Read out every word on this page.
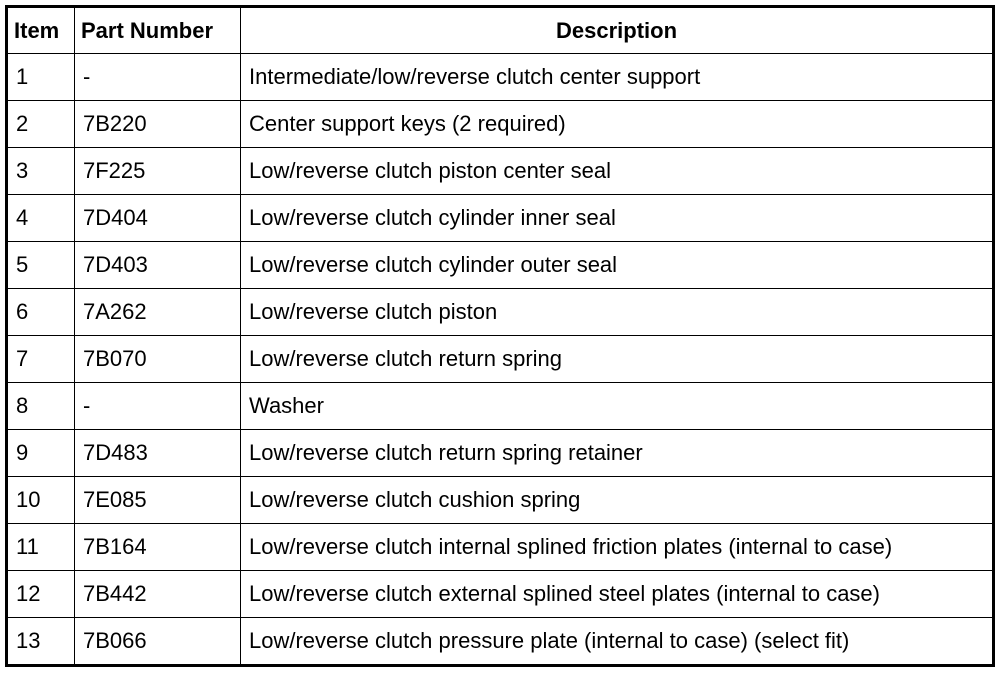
Item	Part Number	Description
1	-	Intermediate/low/reverse clutch center support
2	7B220	Center support keys (2 required)
3	7F225	Low/reverse clutch piston center seal
4	7D404	Low/reverse clutch cylinder inner seal
5	7D403	Low/reverse clutch cylinder outer seal
6	7A262	Low/reverse clutch piston
7	7B070	Low/reverse clutch return spring
8	-	Washer
9	7D483	Low/reverse clutch return spring retainer
10	7E085	Low/reverse clutch cushion spring
11	7B164	Low/reverse clutch internal splined friction plates (internal to case)
12	7B442	Low/reverse clutch external splined steel plates (internal to case)
13	7B066	Low/reverse clutch pressure plate (internal to case) (select fit)
